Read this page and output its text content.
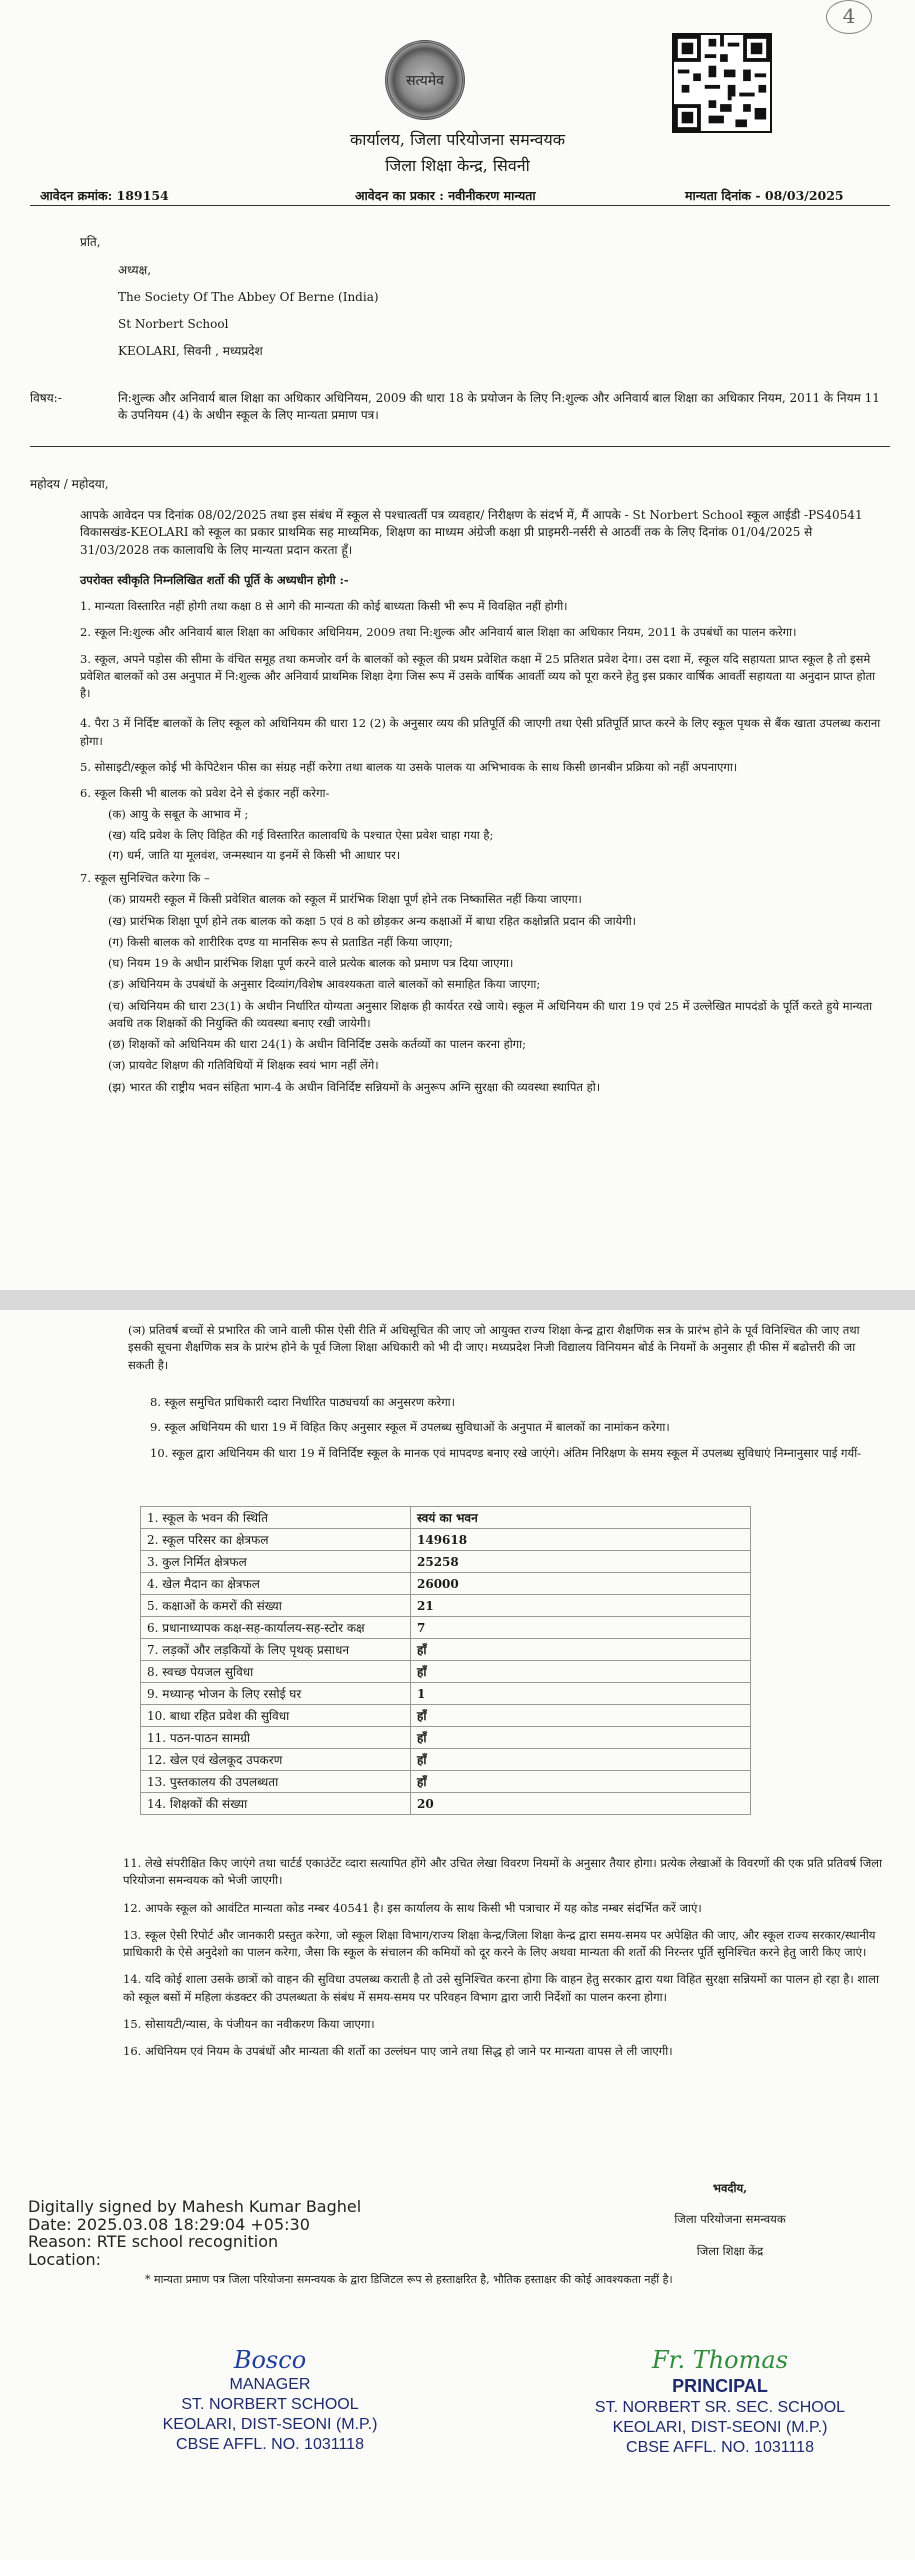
4
सत्यमेव
कार्यालय, जिला परियोजना समन्वयक
जिला शिक्षा केन्द्र, सिवनी
आवेदन क्रमांक: 189154	आवेदन का प्रकार : नवीनीकरण मान्यता	मान्यता दिनांक - 08/03/2025
प्रति,
अध्यक्ष,
The Society Of The Abbey Of Berne (India)
St Norbert School
KEOLARI, सिवनी , मध्यप्रदेश
विषय:-	नि:शुल्क और अनिवार्य बाल शिक्षा का अधिकार अधिनियम, 2009 की धारा 18 के प्रयोजन के लिए नि:शुल्क और अनिवार्य बाल शिक्षा का अधिकार नियम, 2011 के नियम 11 के उपनियम (4) के अधीन स्कूल के लिए मान्यता प्रमाण पत्र।
महोदय / महोदया,
आपके आवेदन पत्र दिनांक 08/02/2025 तथा इस संबंध में स्कूल से पश्चात्वर्ती पत्र व्यवहार/ निरीक्षण के संदर्भ में, मैं आपके - St Norbert School स्कूल आईडी -PS40541 विकासखंड-KEOLARI को स्कूल का प्रकार प्राथमिक सह माध्यमिक, शिक्षण का माध्यम अंग्रेजी कक्षा प्री प्राइमरी-नर्सरी से आठवीं तक के लिए दिनांक 01/04/2025 से 31/03/2028 तक कालावधि के लिए मान्यता प्रदान करता हूँ।
उपरोक्त स्वीकृति निम्नलिखित शर्तो की पूर्ति के अध्यधीन होगी :-
1. मान्यता विस्तारित नहीं होगी तथा कक्षा 8 से आगे की मान्यता की कोई बाध्यता किसी भी रूप में विवक्षित नहीं होगी।
2. स्कूल नि:शुल्क और अनिवार्य बाल शिक्षा का अधिकार अधिनियम, 2009 तथा नि:शुल्क और अनिवार्य बाल शिक्षा का अधिकार नियम, 2011 के उपबंधों का पालन करेगा।
3. स्कूल, अपने पड़ोस की सीमा के वंचित समूह तथा कमजोर वर्ग के बालकों को स्कूल की प्रथम प्रवेशित कक्षा में 25 प्रतिशत प्रवेश देगा। उस दशा में, स्कूल यदि सहायता प्राप्त स्कूल है तो इसमे प्रवेशित बालकों को उस अनुपात में नि:शुल्क और अनिवार्य प्राथमिक शिक्षा देगा जिस रूप में उसके वार्षिक आवर्ती व्यय को पूरा करने हेतु इस प्रकार वार्षिक आवर्ती सहायता या अनुदान प्राप्त होता है।
4. पैरा 3 में निर्दिष्ट बालकों के लिए स्कूल को अधिनियम की धारा 12 (2) के अनुसार व्यय की प्रतिपूर्ति की जाएगी तथा ऐसी प्रतिपूर्ति प्राप्त करने के लिए स्कूल पृथक से बैंक खाता उपलब्ध कराना होगा।
5. सोसाइटी/स्कूल कोई भी केपिटेशन फीस का संग्रह नहीं करेगा तथा बालक या उसके पालक या अभिभावक के साथ किसी छानबीन प्रक्रिया को नहीं अपनाएगा।
6. स्कूल किसी भी बालक को प्रवेश देने से इंकार नहीं करेगा-
(क) आयु के सबूत के आभाव में ;
(ख) यदि प्रवेश के लिए विहित की गई विस्तारित कालावधि के पश्चात ऐसा प्रवेश चाहा गया है;
(ग) धर्म, जाति या मूलवंश, जन्मस्थान या इनमें से किसी भी आधार पर।
7. स्कूल सुनिश्चित करेगा कि –
(क) प्रायमरी स्कूल में किसी प्रवेशित बालक को स्कूल में प्रारंभिक शिक्षा पूर्ण होने तक निष्कासित नहीं किया जाएगा।
(ख) प्रारंभिक शिक्षा पूर्ण होने तक बालक को कक्षा 5 एवं 8 को छोड़कर अन्य कक्षाओं में बाधा रहित कक्षोन्नति प्रदान की जायेगी।
(ग) किसी बालक को शारीरिक दण्ड या मानसिक रूप से प्रताडित नहीं किया जाएगा;
(घ) नियम 19 के अधीन प्रारंभिक शिक्षा पूर्ण करने वाले प्रत्येक बालक को प्रमाण पत्र दिया जाएगा।
(ङ) अधिनियम के उपबंधों के अनुसार दिव्यांग/विशेष आवश्यकता वाले बालकों को समाहित किया जाएगा;
(च) अधिनियम की धारा 23(1) के अधीन निर्धारित योग्यता अनुसार शिक्षक ही कार्यरत रखे जाये। स्कूल में अधिनियम की धारा 19 एवं 25 में उल्लेखित मापदंडों के पूर्ति करते हुये मान्यता अवधि तक शिक्षकों की नियुक्ति की व्यवस्था बनाए रखी जायेगी।
(छ) शिक्षकों को अधिनियम की धारा 24(1) के अधीन विनिर्दिष्ट उसके कर्तव्यों का पालन करना होगा;
(ज) प्रायवेट शिक्षण की गतिविधियों में शिक्षक स्वयं भाग नहीं लेंगे।
(झ) भारत की राष्ट्रीय भवन संहिता भाग-4 के अधीन विनिर्दिष्ट सन्नियमों के अनुरूप अग्नि सुरक्षा की व्यवस्था स्थापित हो।
(ञ) प्रतिवर्ष बच्चों से प्रभारित की जाने वाली फीस ऐसी रीति में अधिसूचित की जाए जो आयुक्त राज्य शिक्षा केन्द्र द्वारा शैक्षणिक सत्र के प्रारंभ होने के पूर्व विनिश्चित की जाए तथा इसकी सूचना शैक्षणिक सत्र के प्रारंभ होने के पूर्व जिला शिक्षा अधिकारी को भी दी जाए। मध्यप्रदेश निजी विद्यालय विनियमन बोर्ड के नियमों के अनुसार ही फीस में बढोत्तरी की जा सकती है।
8. स्कूल समुचित प्राधिकारी व्दारा निर्धारित पाठ्यचर्या का अनुसरण करेगा।
9. स्कूल अधिनियम की धारा 19 में विहित किए अनुसार स्कूल में उपलब्ध सुविधाओं के अनुपात में बालकों का नामांकन करेगा।
10. स्कूल द्वारा अधिनियम की धारा 19 में विनिर्दिष्ट स्कूल के मानक एवं मापदण्ड बनाए रखे जाएंगे। अंतिम निरिक्षण के समय स्कूल में उपलब्ध सुविधाएं निम्नानुसार पाई गयीं-
1. स्कूल के भवन की स्थिति	स्वयं का भवन
2. स्कूल परिसर का क्षेत्रफल	149618
3. कुल निर्मित क्षेत्रफल	25258
4. खेल मैदान का क्षेत्रफल	26000
5. कक्षाओं के कमरों की संख्या	21
6. प्रधानाध्यापक कक्ष-सह-कार्यालय-सह-स्टोर कक्ष	7
7. लड़कों और लड़कियों के लिए पृथक् प्रसाधन	हाँ
8. स्वच्छ पेयजल सुविधा	हाँ
9. मध्यान्ह भोजन के लिए रसोई घर	1
10. बाधा रहित प्रवेश की सुविधा	हाँ
11. पठन-पाठन सामग्री	हाँ
12. खेल एवं खेलकूद उपकरण	हाँ
13. पुस्तकालय की उपलब्धता	हाँ
14. शिक्षकों की संख्या	20
11. लेखे संपरीक्षित किए जाएंगे तथा चार्टर्ड एकाउंटेंट व्दारा सत्यापित होंगे और उचित लेखा विवरण नियमों के अनुसार तैयार होगा। प्रत्येक लेखाओं के विवरणों की एक प्रति प्रतिवर्ष जिला परियोजना समन्वयक को भेजी जाएगी।
12. आपके स्कूल को आवंटित मान्यता कोड नम्बर 40541 है। इस कार्यालय के साथ किसी भी पत्राचार में यह कोड नम्बर संदर्भित करें जाएं।
13. स्कूल ऐसी रिपोर्ट और जानकारी प्रस्तुत करेगा, जो स्कूल शिक्षा विभाग/राज्य शिक्षा केन्द्र/जिला शिक्षा केन्द्र द्वारा समय-समय पर अपेक्षित की जाए, और स्कूल राज्य सरकार/स्थानीय प्राधिकारी के ऐसे अनुदेशो का पालन करेगा, जैसा कि स्कूल के संचालन की कमियों को दूर करने के लिए अथवा मान्यता की शर्तो की निरन्तर पूर्ति सुनिश्चित करने हेतु जारी किए जाएं।
14. यदि कोई शाला उसके छात्रों को वाहन की सुविधा उपलब्ध कराती है तो उसे सुनिश्चित करना होगा कि वाहन हेतु सरकार द्वारा यथा विहित सुरक्षा सन्नियमों का पालन हो रहा है। शाला को स्कूल बसों में महिला कंडक्टर की उपलब्धता के संबंध में समय-समय पर परिवहन विभाग द्वारा जारी निर्देशों का पालन करना होगा।
15. सोसायटी/न्यास, के पंजीयन का नवीकरण किया जाएगा।
16. अधिनियम एवं नियम के उपबंधों और मान्यता की शर्तो का उल्लंघन पाए जाने तथा सिद्ध हो जाने पर मान्यता वापस ले ली जाएगी।
Digitally signed by Mahesh Kumar Baghel
Date: 2025.03.08 18:29:04 +05:30
Reason: RTE school recognition
Location:
भवदीय,
जिला परियोजना समन्वयक
जिला शिक्षा केंद्र
* मान्यता प्रमाण पत्र जिला परियोजना समन्वयक के द्वारा डिजिटल रूप से हस्ताक्षरित है, भौतिक हस्ताक्षर की कोई आवश्यकता नहीं है।
Bosco
MANAGER
ST. NORBERT SCHOOL
KEOLARI, DIST-SEONI (M.P.)
CBSE AFFL. NO. 1031118
Fr. Thomas
PRINCIPAL
ST. NORBERT SR. SEC. SCHOOL
KEOLARI, DIST-SEONI (M.P.)
CBSE AFFL. NO. 1031118
